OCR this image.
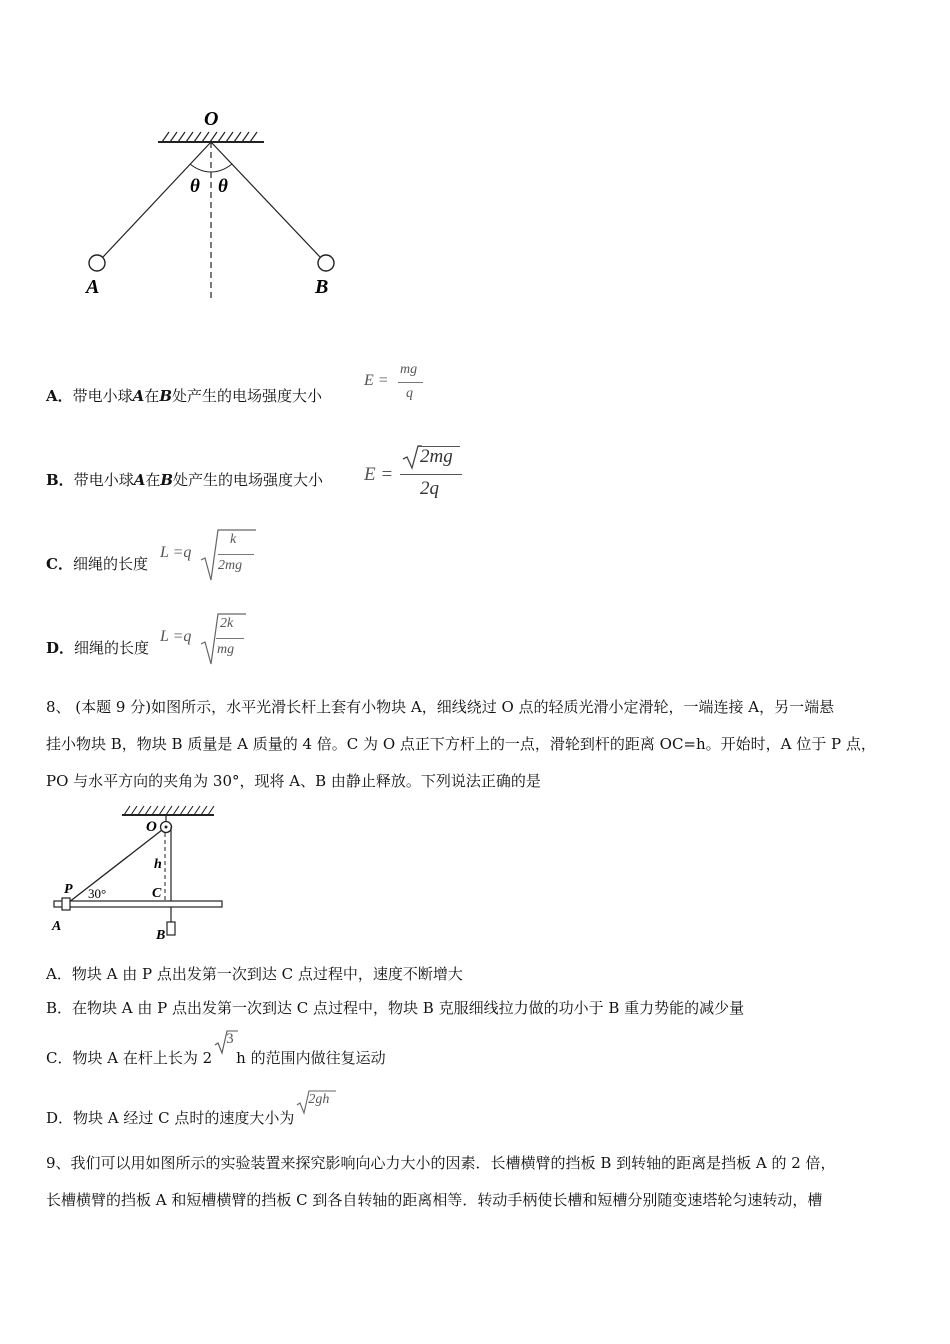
O
θ θ
A	B
A．带电小球A在B处产生的电场强度大小
E =
mg
q
B．带电小球A在B处产生的电场强度大小 E =
2mg
2q
C．细绳的长度
L =q
k
2mg
D．细绳的长度
L =q
2k
mg
8、 (本题 9 分)如图所示，水平光滑长杆上套有小物块 A，细线绕过 O 点的轻质光滑小定滑轮，一端连接 A，另一端悬
挂小物块 B，物块 B 质量是 A 质量的 4 倍。C 为 O 点正下方杆上的一点，滑轮到杆的距离 OC=h。开始时，A 位于 P 点，
PO 与水平方向的夹角为 30°，现将 A、B 由静止释放。下列说法正确的是
O
h
P 30°	C
A
B
A．物块 A 由 P 点出发第一次到达 C 点过程中，速度不断增大
B．在物块 A 由 P 点出发第一次到达 C 点过程中，物块 B 克服细线拉力做的功小于 B 重力势能的减少量
C．物块 A 在杆上长为 2
3
h 的范围内做往复运动
D．物块 A 经过 C 点时的速度大小为
2gh
9、我们可以用如图所示的实验装置来探究影响向心力大小的因素．长槽横臂的挡板 B 到转轴的距离是挡板 A 的 2 倍，
长槽横臂的挡板 A 和短槽横臂的挡板 C 到各自转轴的距离相等．转动手柄使长槽和短槽分别随变速塔轮匀速转动，槽
